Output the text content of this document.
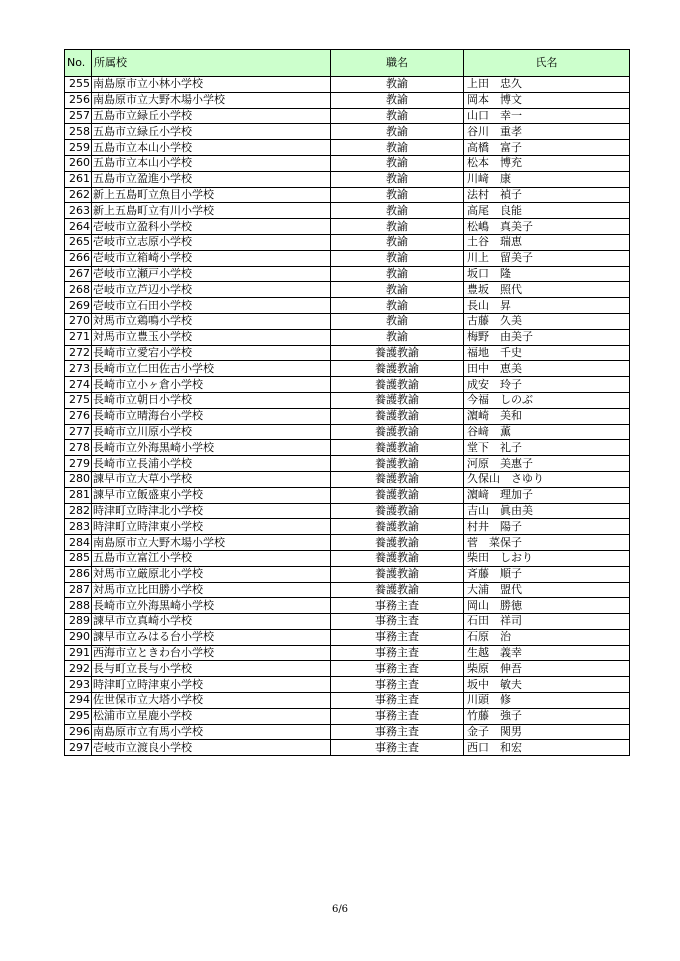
No.	所属校	職名	氏名
255	南島原市立小林小学校	教諭	上田　忠久
256	南島原市立大野木場小学校	教諭	岡本　博文
257	五島市立緑丘小学校	教諭	山口　幸一
258	五島市立緑丘小学校	教諭	谷川　重孝
259	五島市立本山小学校	教諭	高橋　富子
260	五島市立本山小学校	教諭	松本　博充
261	五島市立盈進小学校	教諭	川﨑　康
262	新上五島町立魚目小学校	教諭	法村　禎子
263	新上五島町立有川小学校	教諭	高尾　良能
264	壱岐市立盈科小学校	教諭	松嶋　真美子
265	壱岐市立志原小学校	教諭	土谷　瑞恵
266	壱岐市立箱崎小学校	教諭	川上　留美子
267	壱岐市立瀬戸小学校	教諭	坂口　隆
268	壱岐市立芦辺小学校	教諭	豊坂　照代
269	壱岐市立石田小学校	教諭	長山　昇
270	対馬市立鶏鳴小学校	教諭	古藤　久美
271	対馬市立豊玉小学校	教諭	梅野　由美子
272	長崎市立愛宕小学校	養護教諭	福地　千史
273	長崎市立仁田佐古小学校	養護教諭	田中　恵美
274	長崎市立小ヶ倉小学校	養護教諭	成安　玲子
275	長崎市立朝日小学校	養護教諭	今福　しのぶ
276	長崎市立晴海台小学校	養護教諭	濵崎　美和
277	長崎市立川原小学校	養護教諭	谷﨑　薫
278	長崎市立外海黒崎小学校	養護教諭	堂下　礼子
279	長崎市立長浦小学校	養護教諭	河原　美惠子
280	諫早市立大草小学校	養護教諭	久保山　さゆり
281	諫早市立飯盛東小学校	養護教諭	濵﨑　理加子
282	時津町立時津北小学校	養護教諭	吉山　眞由美
283	時津町立時津東小学校	養護教諭	村井　陽子
284	南島原市立大野木場小学校	養護教諭	菅　菜保子
285	五島市立富江小学校	養護教諭	柴田　しおり
286	対馬市立厳原北小学校	養護教諭	斉藤　順子
287	対馬市立比田勝小学校	養護教諭	大浦　盟代
288	長崎市立外海黒崎小学校	事務主査	岡山　勝徳
289	諫早市立真崎小学校	事務主査	石田　祥司
290	諫早市立みはる台小学校	事務主査	石原　治
291	西海市立ときわ台小学校	事務主査	生越　義幸
292	長与町立長与小学校	事務主査	柴原　伸吾
293	時津町立時津東小学校	事務主査	坂中　敏夫
294	佐世保市立大塔小学校	事務主査	川頭　修
295	松浦市立星鹿小学校	事務主査	竹藤　強子
296	南島原市立有馬小学校	事務主査	金子　関男
297	壱岐市立渡良小学校	事務主査	西口　和宏
6/6
